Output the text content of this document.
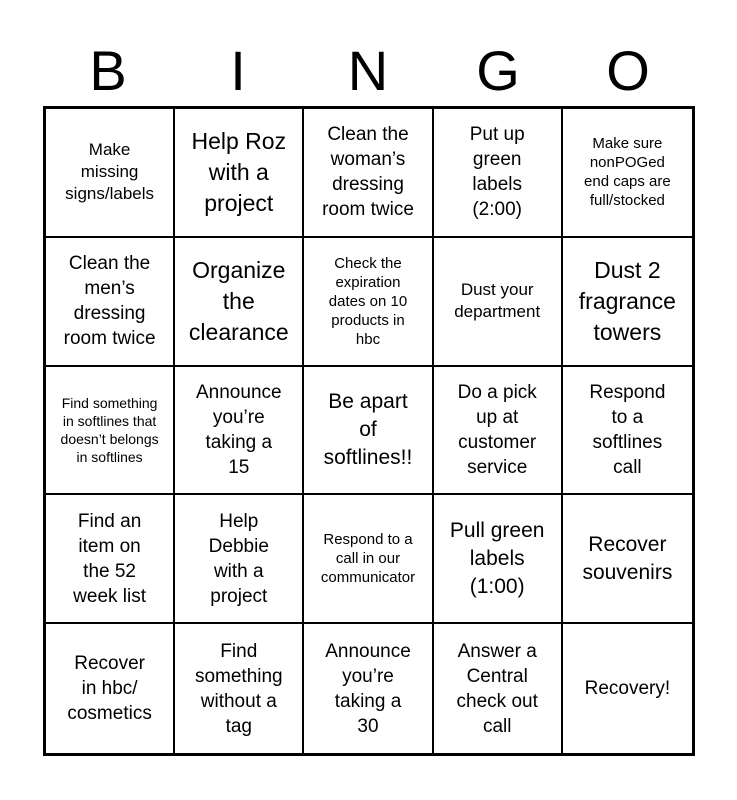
B	I	N	G	O
Make
missing
signs/labels
Help Roz
with a
project
Clean the
woman’s
dressing
room twice
Put up
green
labels
(2:00)
Make sure
nonPOGed
end caps are
full/stocked
Clean the
men’s
dressing
room twice
Organize
the
clearance
Check the
expiration
dates on 10
products in
hbc
Dust your
department
Dust 2
fragrance
towers
Find something
in softlines that
doesn’t belongs
in softlines
Announce
you’re
taking a
15
Be apart
of
softlines!!
Do a pick
up at
customer
service
Respond
to a
softlines
call
Find an
item on
the 52
week list
Help
Debbie
with a
project
Respond to a
call in our
communicator
Pull green
labels
(1:00)
Recover
souvenirs
Recover
in hbc/
cosmetics
Find
something
without a
tag
Announce
you’re
taking a
30
Answer a
Central
check out
call
Recovery!
